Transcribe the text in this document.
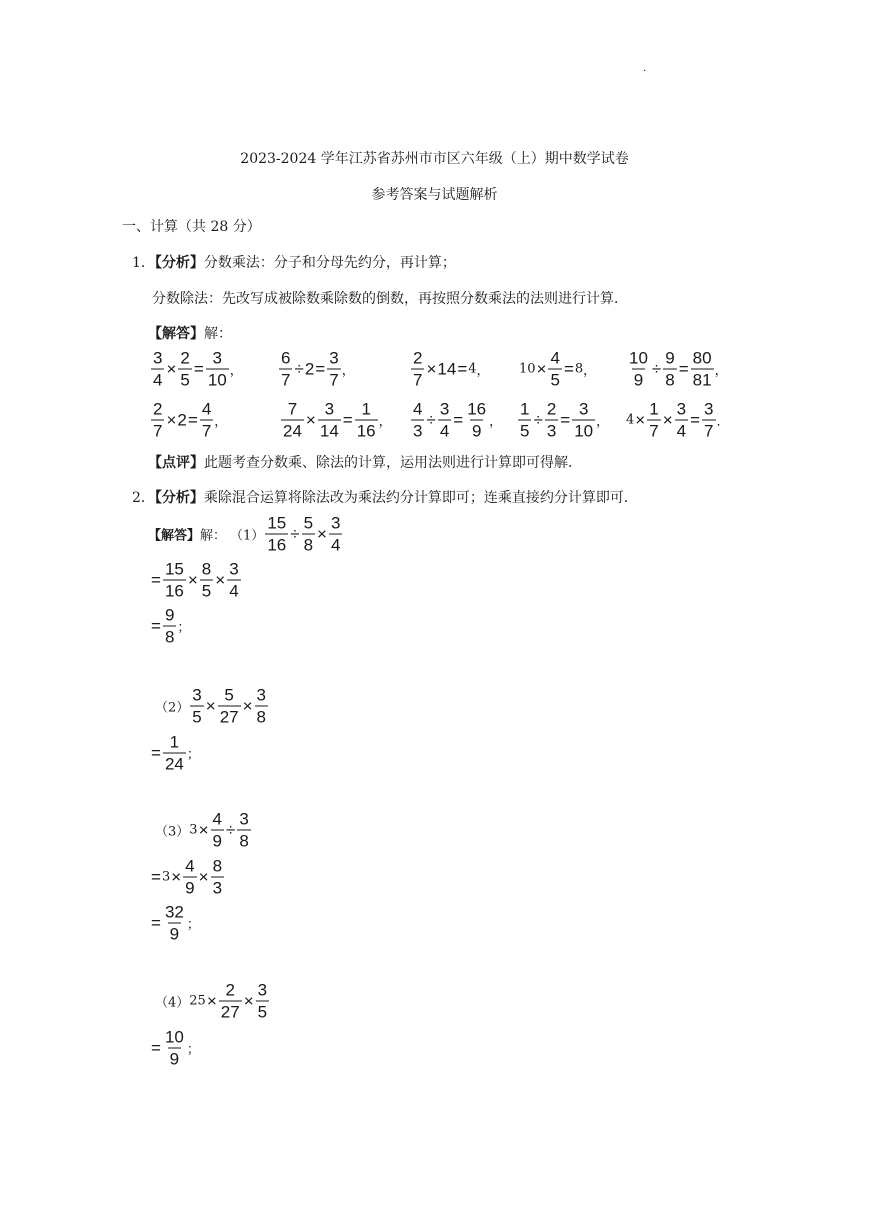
·
2023-2024 学年江苏省苏州市市区六年级（上）期中数学试卷
参考答案与试题解析
一、计算（共 28 分）
1．【分析】分数乘法：分子和分母先约分，再计算；
分数除法：先改写成被除数乘除数的倒数，再按照分数乘法的法则进行计算．
【解答】解：
$\frac{3}{4} \times \frac{2}{5} = \frac{3}{10}$ ， $\frac{6}{7} \div 2 = \frac{3}{7}$ ，	$\frac{2}{7} \times 14 = 4$ ， $10 \times \frac{4}{5} = 8$ ， $\frac{10}{9} \div \frac{9}{8} = \frac{80}{81}$ ，
$\frac{2}{7} \times 2 = \frac{4}{7}$ ，	$\frac{7}{24} \times \frac{3}{14} = \frac{1}{16}$ ， $\frac{4}{3} \div \frac{3}{4} = \frac{16}{9}$ ， $\frac{1}{5} \div \frac{2}{3} = \frac{3}{10}$ ， $4 \times \frac{1}{7} \times \frac{3}{4} = \frac{3}{7}$ ．
【点评】此题考查分数乘、除法的计算，运用法则进行计算即可得解．
2．【分析】乘除混合运算将除法改为乘法约分计算即可；连乘直接约分计算即可．
【解答】 解： $(1) \frac{15}{16} \div \frac{5}{8} \times \frac{3}{4}$
= $\frac{15}{16} \times \frac{8}{5} \times \frac{3}{4}$
= $\frac{9}{8}$ ；
$(2) \frac{3}{5} \times \frac{5}{27} \times \frac{3}{8}$
= $\frac{1}{24}$ ；
（3） $3 \times \frac{4}{9} \div \frac{3}{8}$
= $3 \times \frac{4}{9} \times \frac{8}{3}$
= $\frac{32}{9}$ ；
（4） $25 \times \frac{2}{27} \times \frac{3}{5}$
= $\frac{10}{9}$ ；
